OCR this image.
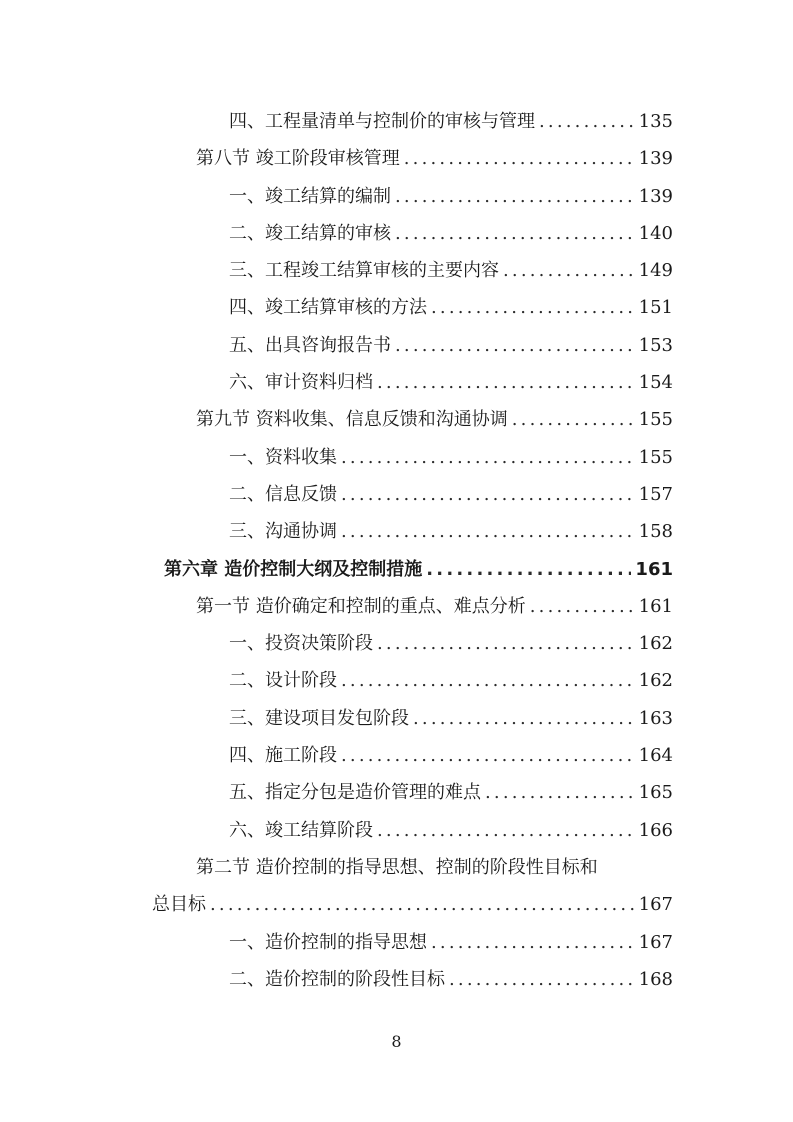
四、工程量清单与控制价的审核与管理 .....	135
第八节 竣工阶段审核管理 .....	139
一、竣工结算的编制 .....	139
二、竣工结算的审核 .....	140
三、工程竣工结算审核的主要内容 .....	149
四、竣工结算审核的方法 .....	151
五、出具咨询报告书 .....	153
六、审计资料归档 .....	154
第九节 资料收集、信息反馈和沟通协调 .....	155
一、资料收集 .....	155
二、信息反馈 .....	157
三、沟通协调 .....	158
第六章 造价控制大纲及控制措施 .....	161
第一节 造价确定和控制的重点、难点分析 .....	161
一、投资决策阶段 .....	162
二、设计阶段 .....	162
三、建设项目发包阶段 .....	163
四、施工阶段 .....	164
五、指定分包是造价管理的难点 .....	165
六、竣工结算阶段 .....	166
第二节 造价控制的指导思想、控制的阶段性目标和
总目标 .....	167
一、造价控制的指导思想 .....	167
二、造价控制的阶段性目标 .....	168
8
